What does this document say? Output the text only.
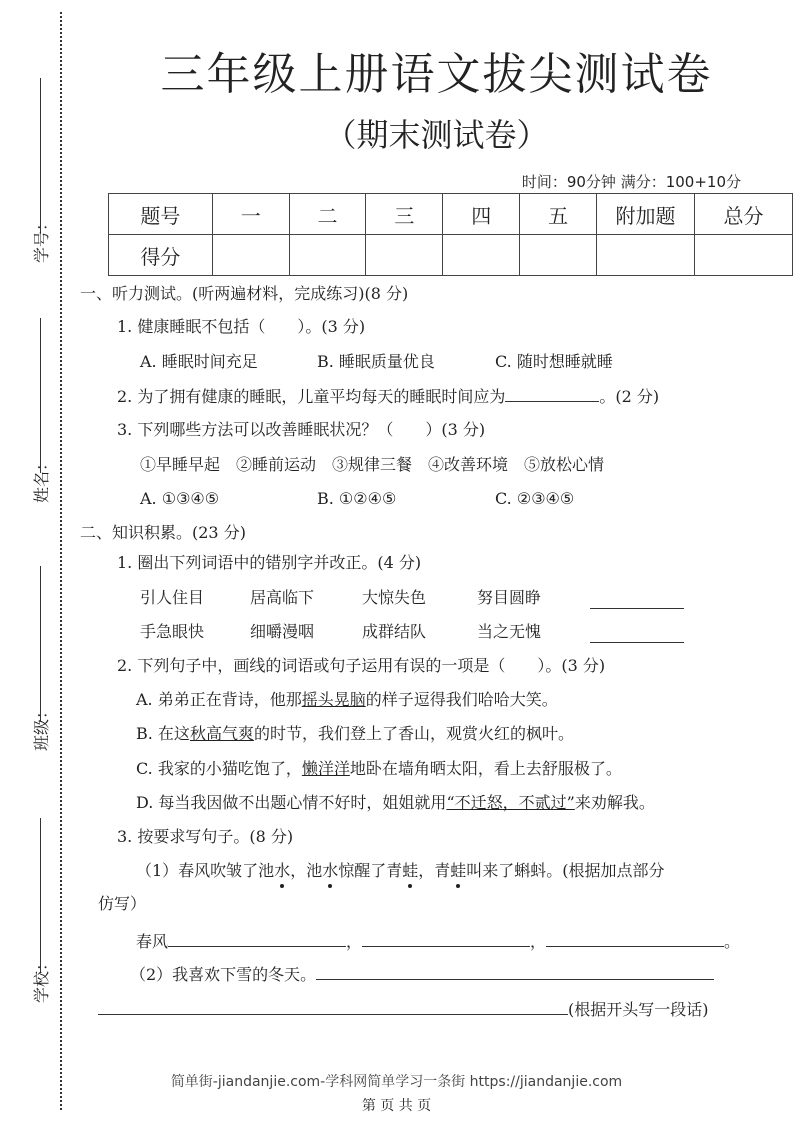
学号：
姓名：
班级：
学校：
三年级上册语文拔尖测试卷
（期末测试卷）
时间：90分钟 满分：100+10分
题号	一	二	三	四	五	附加题	总分
得分							
一、听力测试。(听两遍材料，完成练习)(8 分)
1. 健康睡眠不包括（　　）。(3 分)
A. 睡眠时间充足	B. 睡眠质量优良	C. 随时想睡就睡
2. 为了拥有健康的睡眠，儿童平均每天的睡眠时间应为	。(2 分)
3. 下列哪些方法可以改善睡眠状况？（　　）(3 分)
①早睡早起　②睡前运动　③规律三餐　④改善环境　⑤放松心情
A. ①③④⑤	B. ①②④⑤	C. ②③④⑤
二、知识积累。(23 分)
1. 圈出下列词语中的错别字并改正。(4 分)
引人住目	居高临下	大惊失色	努目圆睁
手急眼快	细嚼漫咽	成群结队	当之无愧
2. 下列句子中，画线的词语或句子运用有误的一项是（　　）。(3 分)
A. 弟弟正在背诗，他那摇头晃脑的样子逗得我们哈哈大笑。
B. 在这秋高气爽的时节，我们登上了香山，观赏火红的枫叶。
C. 我家的小猫吃饱了，懒洋洋地卧在墙角晒太阳，看上去舒服极了。
D. 每当我因做不出题心情不好时，姐姐就用“不迁怒，不贰过”来劝解我。
3. 按要求写句子。(8 分)
（1）春风吹皱了池水，池水惊醒了青蛙，青蛙叫来了蝌蚪。(根据加点部分
仿写）
春风	，	，	。
（2）我喜欢下雪的冬天。
(根据开头写一段话)
简单街-jiandanjie.com-学科网简单学习一条街 https://jiandanjie.com
第 页 共 页
